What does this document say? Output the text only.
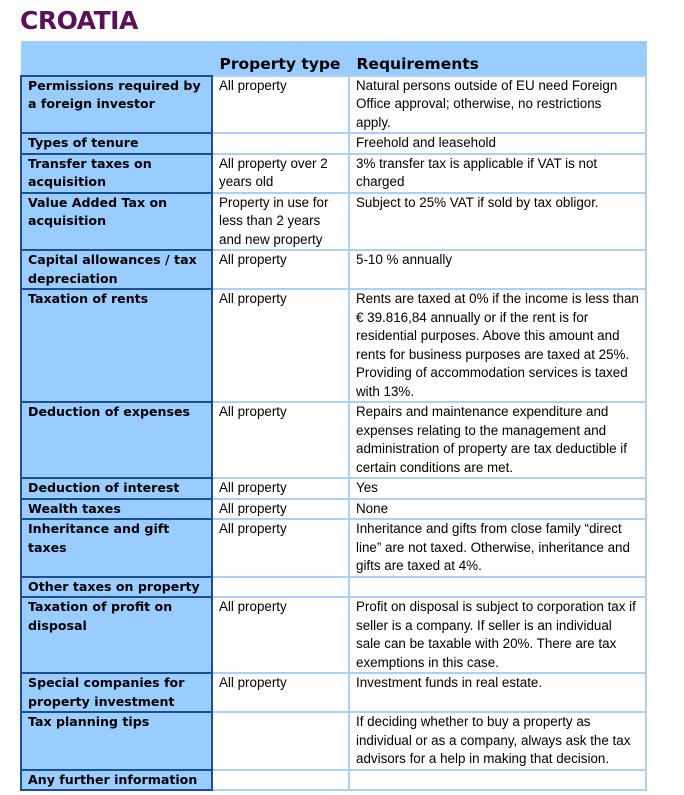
CROATIA
	Property type	Requirements
Permissions required by a foreign investor	All property	Natural persons outside of EU need Foreign Office approval; otherwise, no restrictions apply.
Types of tenure		Freehold and leasehold
Transfer taxes on acquisition	All property over 2 years old	3% transfer tax is applicable if VAT is not charged
Value Added Tax on acquisition	Property in use for less than 2 years and new property	Subject to 25% VAT if sold by tax obligor.
Capital allowances / tax depreciation	All property	5-10 % annually
Taxation of rents	All property	Rents are taxed at 0% if the income is less than € 39.816,84 annually or if the rent is for residential purposes. Above this amount and rents for business purposes are taxed at 25%. Providing of accommodation services is taxed with 13%.
Deduction of expenses	All property	Repairs and maintenance expenditure and expenses relating to the management and administration of property are tax deductible if certain conditions are met.
Deduction of interest	All property	Yes
Wealth taxes	All property	None
Inheritance and gift taxes	All property	Inheritance and gifts from close family “direct line” are not taxed. Otherwise, inheritance and gifts are taxed at 4%.
Other taxes on property		
Taxation of profit on disposal	All property	Profit on disposal is subject to corporation tax if seller is a company. If seller is an individual sale can be taxable with 20%. There are tax exemptions in this case.
Special companies for property investment	All property	Investment funds in real estate.
Tax planning tips		If deciding whether to buy a property as individual or as a company, always ask the tax advisors for a help in making that decision.
Any further information		
